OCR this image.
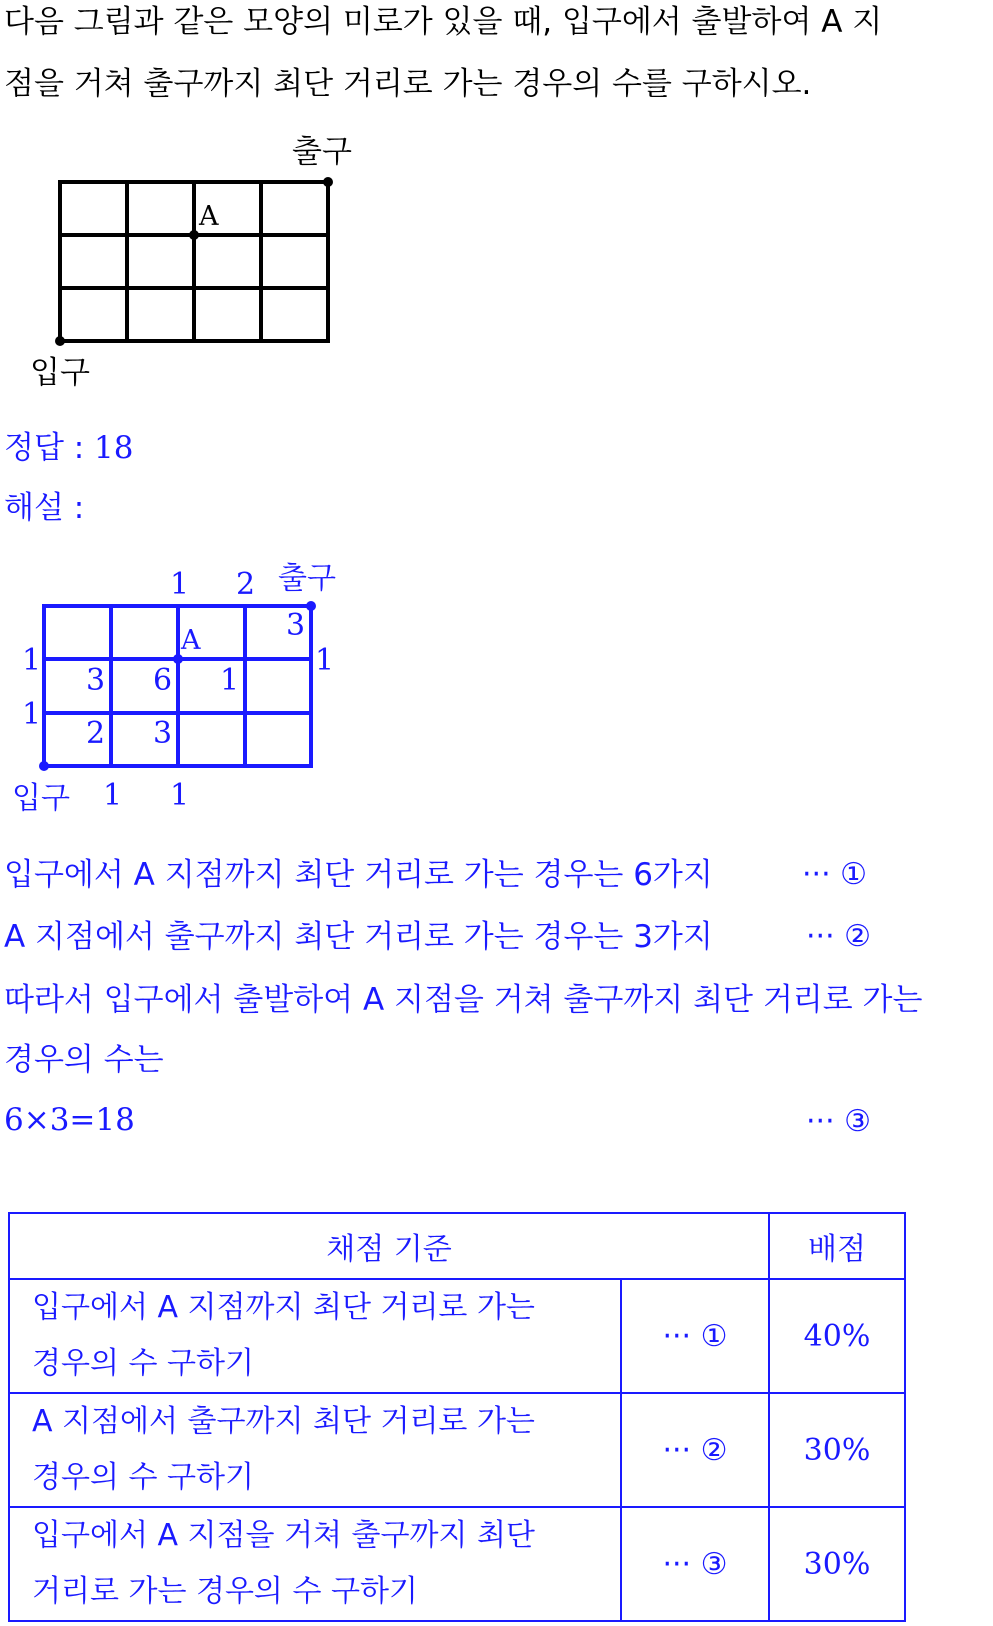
다음 그림과 같은 모양의 미로가 있을 때, 입구에서 출발하여 A 지
점을 거쳐 출구까지 최단 거리로 가는 경우의 수를 구하시오.
출구
입구
A
정답 : 18
해설 :
출구
입구
A
1 2
1
1
1
1 1
3
3 6 1
2 3
입구에서 A 지점까지 최단 거리로 가는 경우는 6가지	··· ①
A 지점에서 출구까지 최단 거리로 가는 경우는 3가지	··· ②
따라서 입구에서 출발하여 A 지점을 거쳐 출구까지 최단 거리로 가는
경우의 수는
6×3=18	··· ③
채점 기준		배점

입구에서 A 지점까지 최단 거리로 가는
경우의 수 구하기	··· ①	40%

A 지점에서 출구까지 최단 거리로 가는
경우의 수 구하기	··· ②	30%

입구에서 A 지점을 거쳐 출구까지 최단
거리로 가는 경우의 수 구하기	··· ③	30%
